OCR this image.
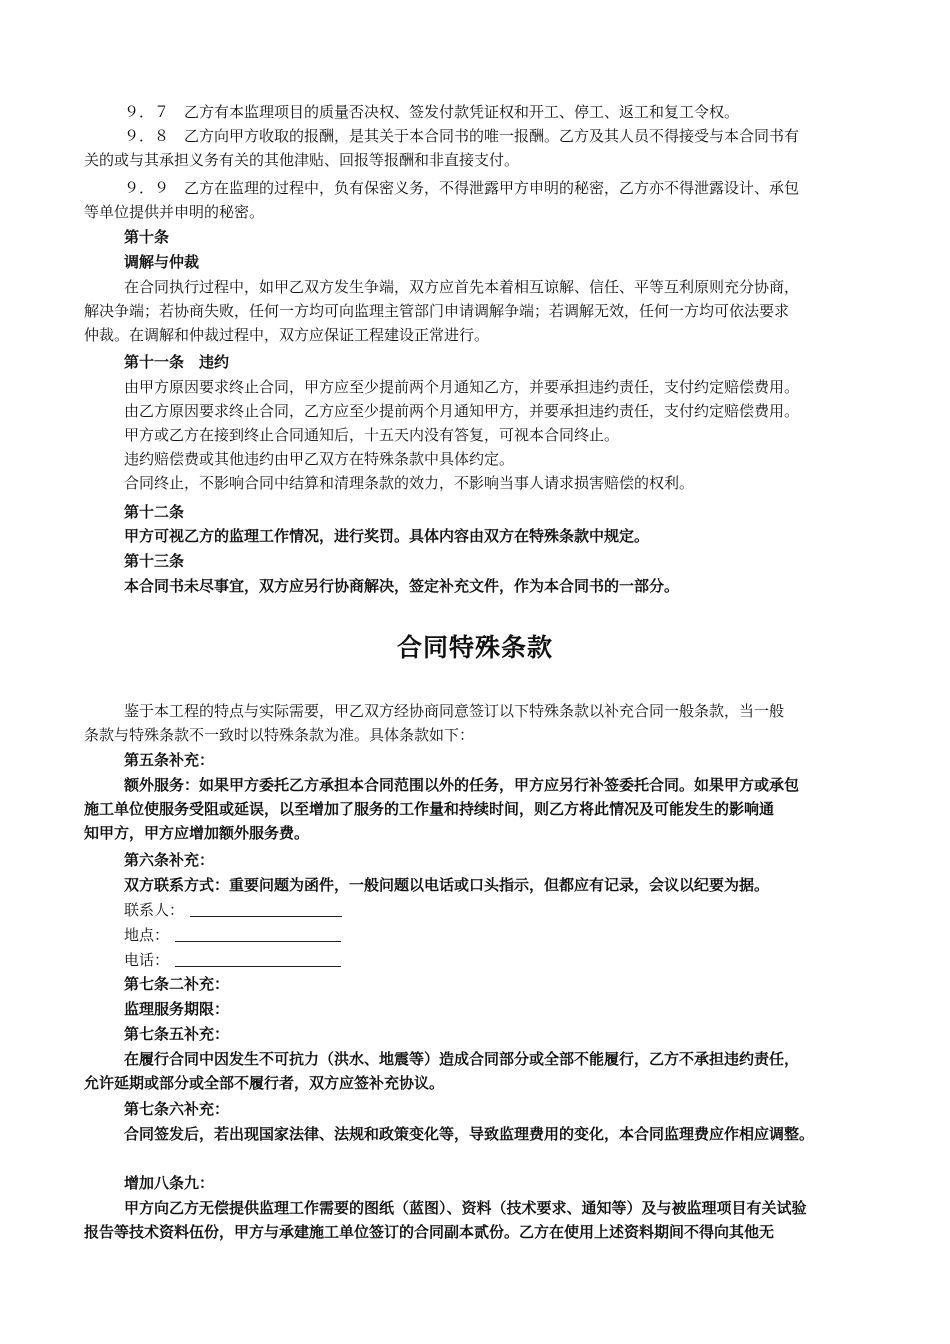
９．７　乙方有本监理项目的质量否决权、签发付款凭证权和开工、停工、返工和复工令权。
９．８　乙方向甲方收取的报酬，是其关于本合同书的唯一报酬。乙方及其人员不得接受与本合同书有
关的或与其承担义务有关的其他津贴、回报等报酬和非直接支付。
９．９　乙方在监理的过程中，负有保密义务，不得泄露甲方申明的秘密，乙方亦不得泄露设计、承包
等单位提供并申明的秘密。
第十条
调解与仲裁
在合同执行过程中，如甲乙双方发生争端，双方应首先本着相互谅解、信任、平等互利原则充分协商，
解决争端；若协商失败，任何一方均可向监理主管部门申请调解争端；若调解无效，任何一方均可依法要求
仲裁。在调解和仲裁过程中，双方应保证工程建设正常进行。
第十一条　违约
由甲方原因要求终止合同，甲方应至少提前两个月通知乙方，并要承担违约责任，支付约定赔偿费用。
由乙方原因要求终止合同，乙方应至少提前两个月通知甲方，并要承担违约责任，支付约定赔偿费用。
甲方或乙方在接到终止合同通知后，十五天内没有答复，可视本合同终止。
违约赔偿费或其他违约由甲乙双方在特殊条款中具体约定。
合同终止，不影响合同中结算和清理条款的效力，不影响当事人请求损害赔偿的权利。
第十二条
甲方可视乙方的监理工作情况，进行奖罚。具体内容由双方在特殊条款中规定。
第十三条
本合同书未尽事宜，双方应另行协商解决，签定补充文件，作为本合同书的一部分。
合同特殊条款
鉴于本工程的特点与实际需要，甲乙双方经协商同意签订以下特殊条款以补充合同一般条款，当一般
条款与特殊条款不一致时以特殊条款为准。具体条款如下：
第五条补充：
额外服务：如果甲方委托乙方承担本合同范围以外的任务，甲方应另行补签委托合同。如果甲方或承包
施工单位使服务受阻或延误，以至增加了服务的工作量和持续时间，则乙方将此情况及可能发生的影响通
知甲方，甲方应增加额外服务费。
第六条补充：
双方联系方式：重要问题为函件，一般问题以电话或口头指示，但都应有记录，会议以纪要为据。
联系人：
地点：
电话：
第七条二补充：
监理服务期限：
第七条五补充：
在履行合同中因发生不可抗力（洪水、地震等）造成合同部分或全部不能履行，乙方不承担违约责任，
允许延期或部分或全部不履行者，双方应签补充协议。
第七条六补充：
合同签发后，若出现国家法律、法规和政策变化等，导致监理费用的变化，本合同监理费应作相应调整。
增加八条九：
甲方向乙方无偿提供监理工作需要的图纸（蓝图）、资料（技术要求、通知等）及与被监理项目有关试验
报告等技术资料伍份，甲方与承建施工单位签订的合同副本贰份。乙方在使用上述资料期间不得向其他无
